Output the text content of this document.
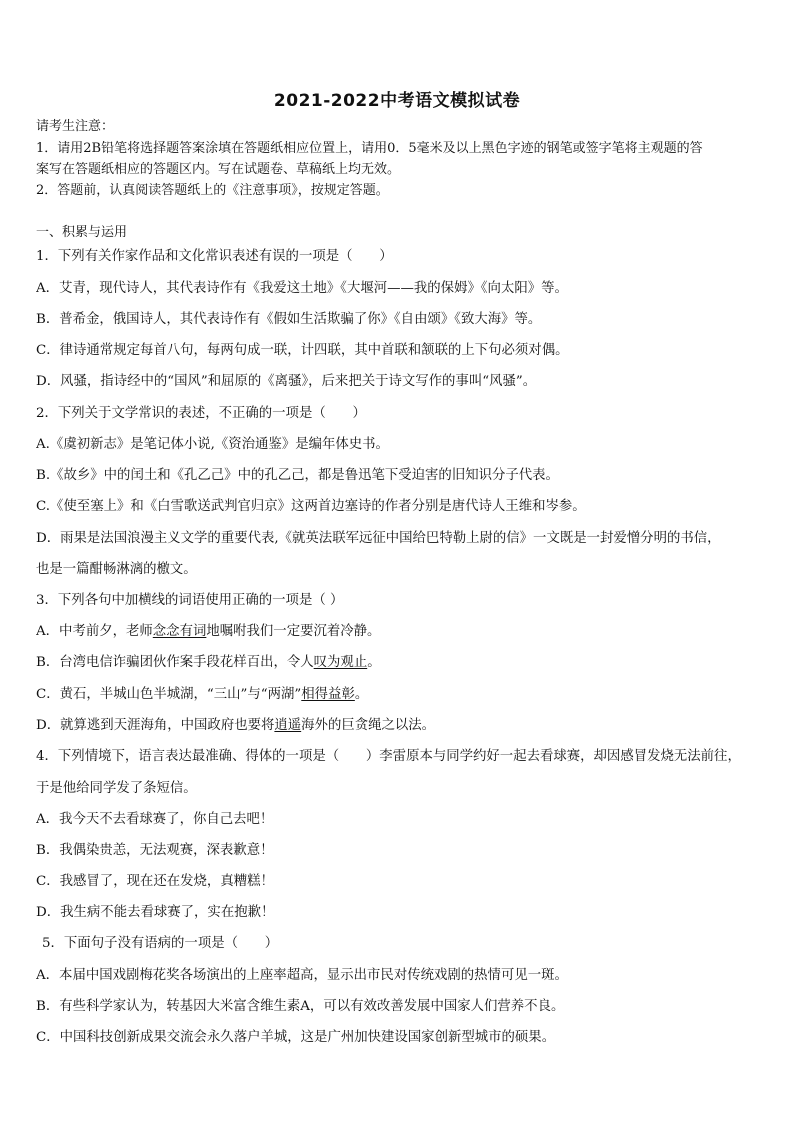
2021-2022中考语文模拟试卷
请考生注意：
1．请用2B铅笔将选择题答案涂填在答题纸相应位置上，请用0．5毫米及以上黑色字迹的钢笔或签字笔将主观题的答
案写在答题纸相应的答题区内。写在试题卷、草稿纸上均无效。
2．答题前，认真阅读答题纸上的《注意事项》，按规定答题。
一、积累与运用
1．下列有关作家作品和文化常识表述有误的一项是（　　）
A．艾青，现代诗人，其代表诗作有《我爱这土地》《大堰河——我的保姆》《向太阳》等。
B．普希金，俄国诗人，其代表诗作有《假如生活欺骗了你》《自由颂》《致大海》等。
C．律诗通常规定每首八句，每两句成一联，计四联，其中首联和颔联的上下句必须对偶。
D．风骚，指诗经中的“国风”和屈原的《离骚》，后来把关于诗文写作的事叫“风骚”。
2．下列关于文学常识的表述，不正确的一项是（　　）
A.《虞初新志》是笔记体小说,《资治通鉴》是编年体史书。
B.《故乡》中的闰土和《孔乙己》中的孔乙己，都是鲁迅笔下受迫害的旧知识分子代表。
C.《使至塞上》和《白雪歌送武判官归京》这两首边塞诗的作者分别是唐代诗人王维和岑参。
D．雨果是法国浪漫主义文学的重要代表,《就英法联军远征中国给巴特勒上尉的信》一文既是一封爱憎分明的书信，
也是一篇酣畅淋漓的檄文。
3．下列各句中加横线的词语使用正确的一项是（ ）
A．中考前夕，老师念念有词地嘱咐我们一定要沉着冷静。
B．台湾电信诈骗团伙作案手段花样百出，令人叹为观止。
C．黄石，半城山色半城湖，“三山”与“两湖”相得益彰。
D．就算逃到天涯海角，中国政府也要将逍遥海外的巨贪绳之以法。
4．下列情境下，语言表达最准确、得体的一项是（　　）李雷原本与同学约好一起去看球赛，却因感冒发烧无法前往，
于是他给同学发了条短信。
A．我今天不去看球赛了，你自己去吧！
B．我偶染贵恙，无法观赛，深表歉意！
C．我感冒了，现在还在发烧，真糟糕！
D．我生病不能去看球赛了，实在抱歉！
5．下面句子没有语病的一项是（　　）
A．本届中国戏剧梅花奖各场演出的上座率超高，显示出市民对传统戏剧的热情可见一斑。
B．有些科学家认为，转基因大米富含维生素A，可以有效改善发展中国家人们营养不良。
C．中国科技创新成果交流会永久落户羊城，这是广州加快建设国家创新型城市的硕果。
